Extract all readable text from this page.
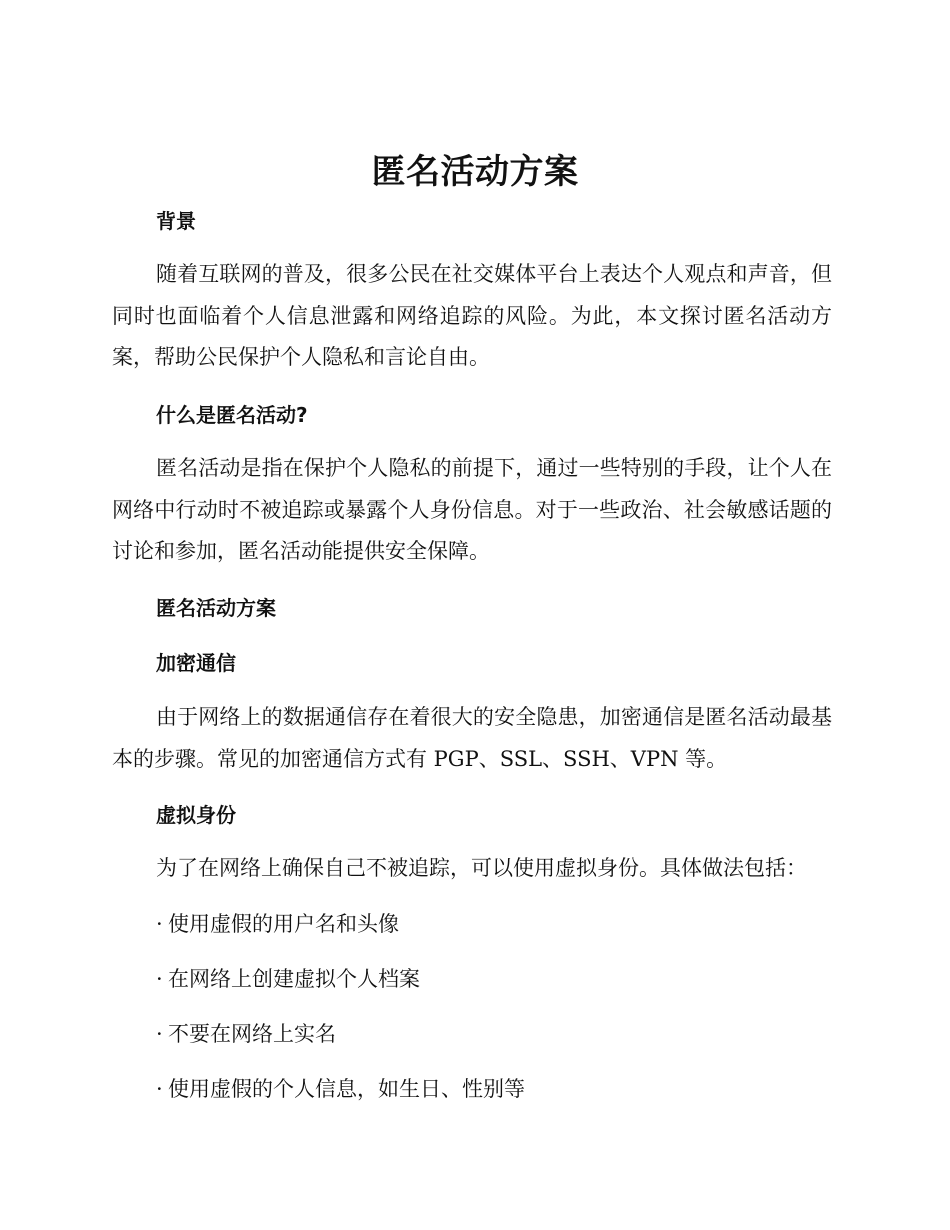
匿名活动方案
背景

随着互联网的普及，很多公民在社交媒体平台上表达个人观点和声音，但同时也面临着个人信息泄露和网络追踪的风险。为此，本文探讨匿名活动方案，帮助公民保护个人隐私和言论自由。

什么是匿名活动?

匿名活动是指在保护个人隐私的前提下，通过一些特别的手段，让个人在网络中行动时不被追踪或暴露个人身份信息。对于一些政治、社会敏感话题的讨论和参加，匿名活动能提供安全保障。

匿名活动方案
加密通信

由于网络上的数据通信存在着很大的安全隐患，加密通信是匿名活动最基本的步骤。常见的加密通信方式有 PGP、SSL、SSH、VPN 等。

虚拟身份
为了在网络上确保自己不被追踪，可以使用虚拟身份。具体做法包括：
· 使用虚假的用户名和头像
· 在网络上创建虚拟个人档案
· 不要在网络上实名
· 使用虚假的个人信息，如生日、性别等
